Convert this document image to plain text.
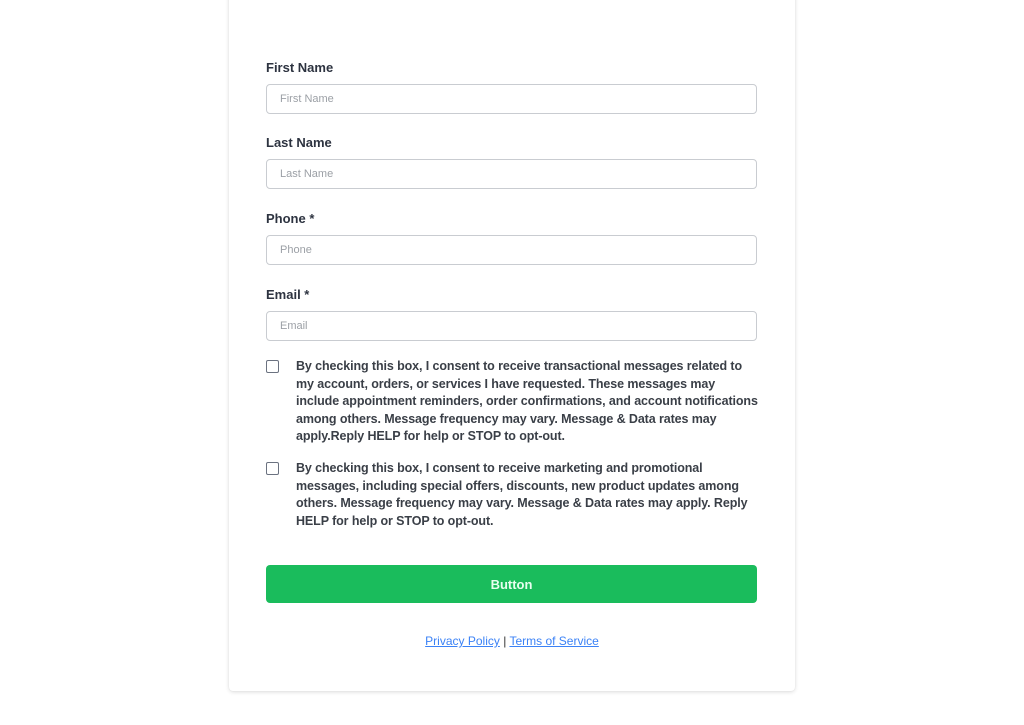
First Name
First Name
Last Name
Last Name
Phone *
Phone
Email *
Email
By checking this box, I consent to receive transactional messages related to my account, orders, or services I have requested. These messages may include appointment reminders, order confirmations, and account notifications among others. Message frequency may vary. Message & Data rates may apply.Reply HELP for help or STOP to opt-out.
By checking this box, I consent to receive marketing and promotional messages, including special offers, discounts, new product updates among others. Message frequency may vary. Message & Data rates may apply. Reply HELP for help or STOP to opt-out.
Button
Privacy Policy | Terms of Service
